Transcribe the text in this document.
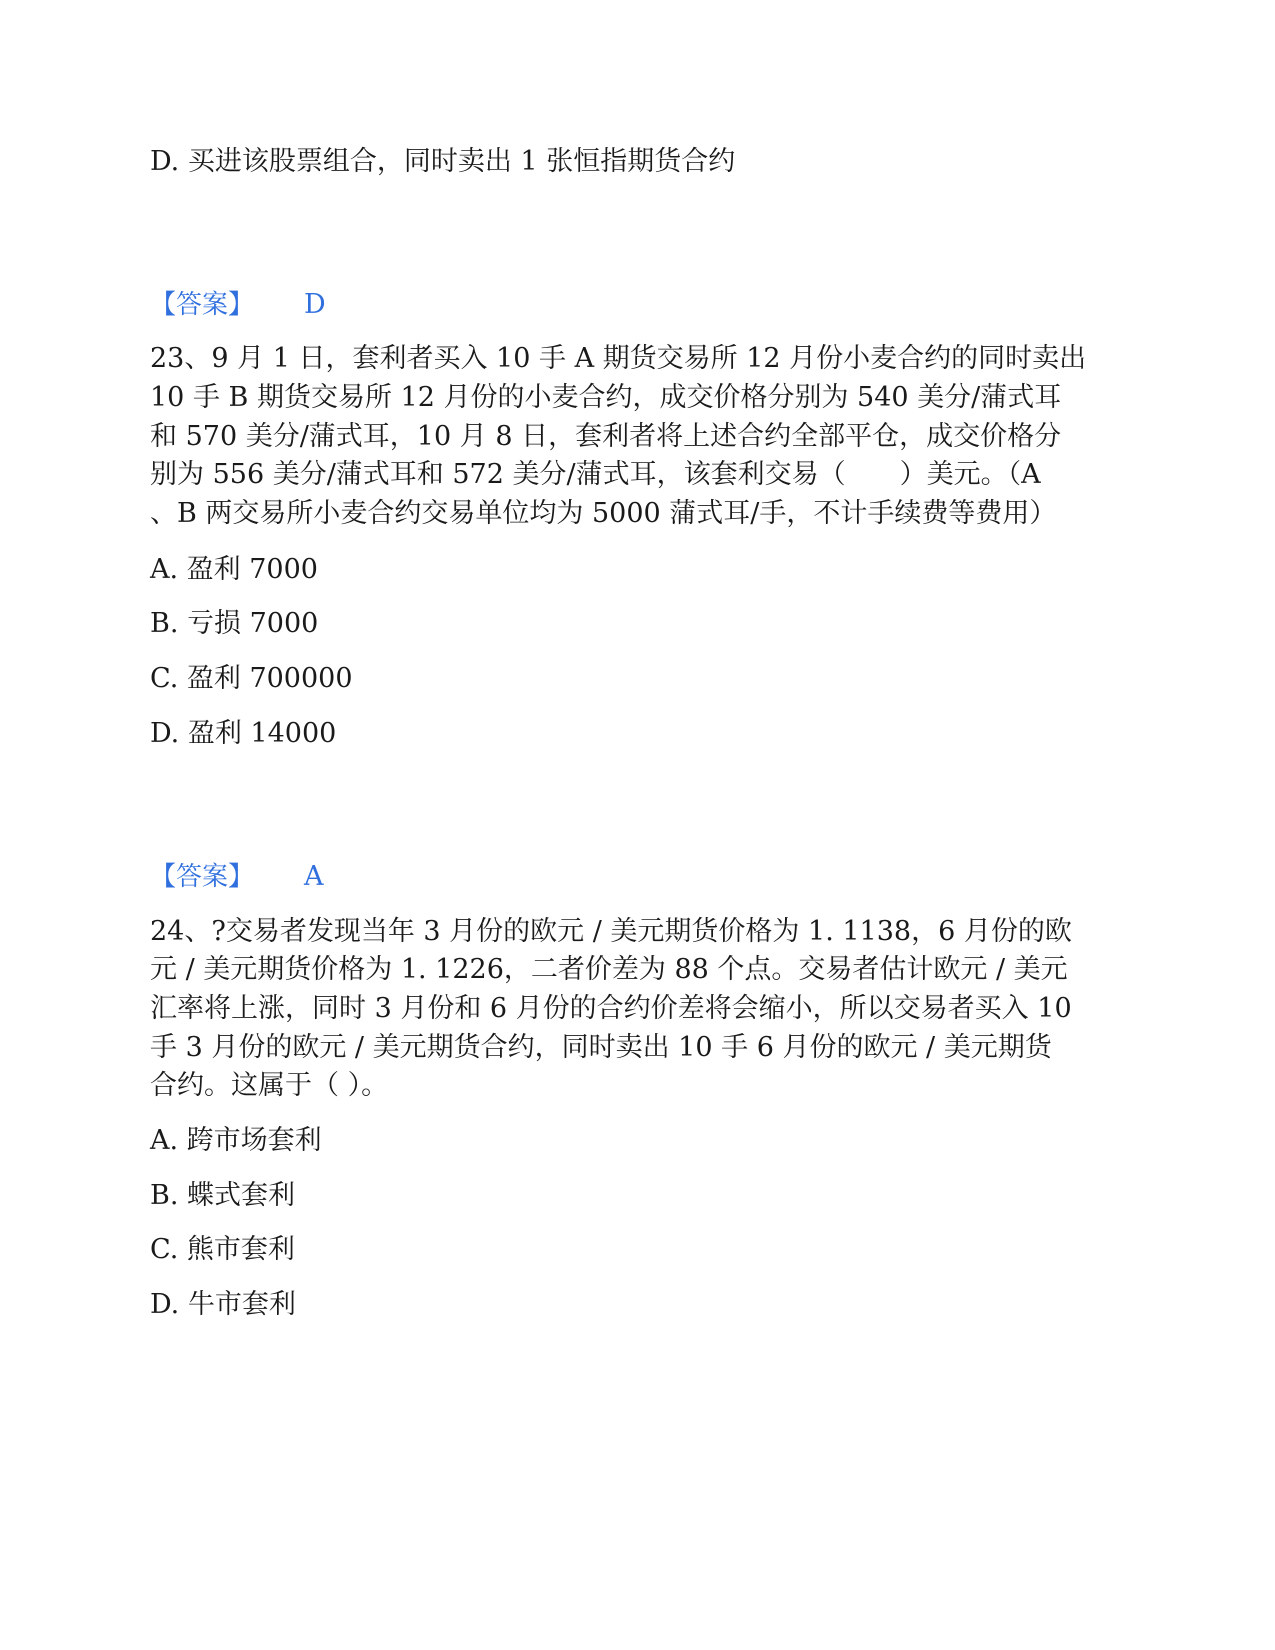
D. 买进该股票组合，同时卖出 1 张恒指期货合约
【答案】 D
23、9 月 1 日，套利者买入 10 手 A 期货交易所 12 月份小麦合约的同时卖出
10 手 B 期货交易所 12 月份的小麦合约，成交价格分别为 540 美分/蒲式耳
和 570 美分/蒲式耳，10 月 8 日，套利者将上述合约全部平仓，成交价格分
别为 556 美分/蒲式耳和 572 美分/蒲式耳，该套利交易（　　）美元。（A
、B 两交易所小麦合约交易单位均为 5000 蒲式耳/手，不计手续费等费用）
A. 盈利 7000
B. 亏损 7000
C. 盈利 700000
D. 盈利 14000
【答案】 A
24、?交易者发现当年 3 月份的欧元 / 美元期货价格为 1. 1138，6 月份的欧
元 / 美元期货价格为 1. 1226，二者价差为 88 个点。交易者估计欧元 / 美元
汇率将上涨，同时 3 月份和 6 月份的合约价差将会缩小，所以交易者买入 10
手 3 月份的欧元 / 美元期货合约，同时卖出 10 手 6 月份的欧元 / 美元期货
合约。这属于（ ）。
A. 跨市场套利
B. 蝶式套利
C. 熊市套利
D. 牛市套利
